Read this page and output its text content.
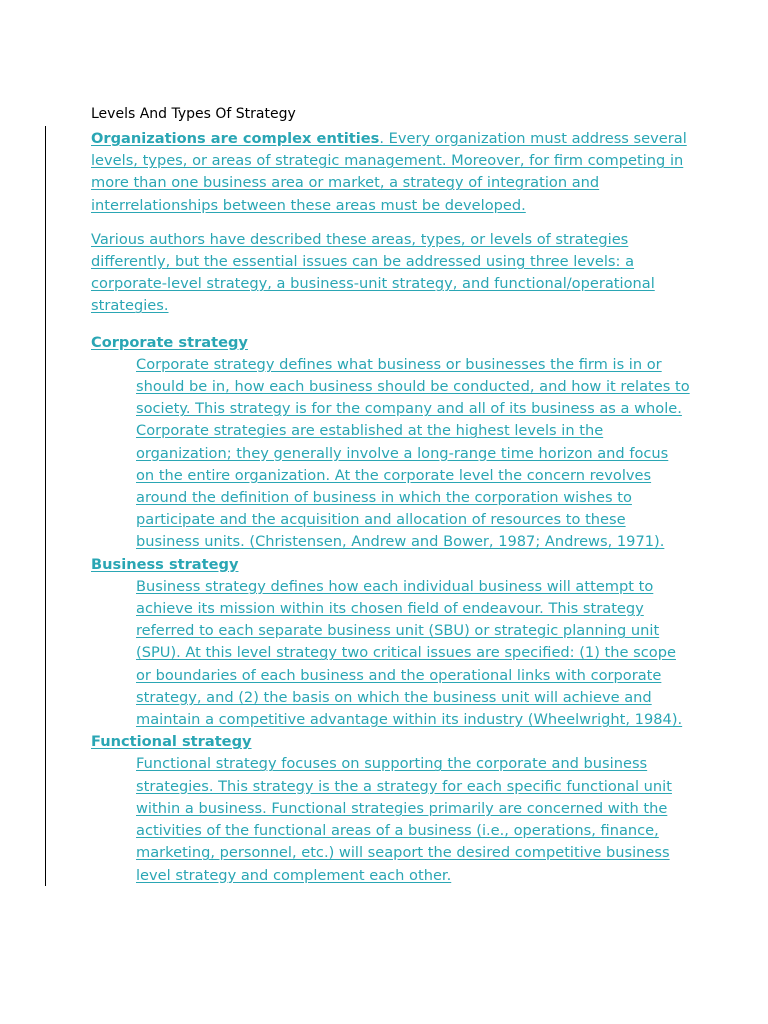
Levels And Types Of Strategy

Organizations are complex entities. Every organization must address several levels, types, or areas of strategic management. Moreover, for firm competing in more than one business area or market, a strategy of integration and interrelationships between these areas must be developed.

Various authors have described these areas, types, or levels of strategies differently, but the essential issues can be addressed using three levels: a corporate-level strategy, a business-unit strategy, and functional/operational strategies.

Corporate strategy

Corporate strategy defines what business or businesses the firm is in or should be in, how each business should be conducted, and how it relates to society. This strategy is for the company and all of its business as a whole. Corporate strategies are established at the highest levels in the organization; they generally involve a long-range time horizon and focus on the entire organization. At the corporate level the concern revolves around the definition of business in which the corporation wishes to participate and the acquisition and allocation of resources to these business units. (Christensen, Andrew and Bower, 1987; Andrews, 1971).

Business strategy

Business strategy defines how each individual business will attempt to achieve its mission within its chosen field of endeavour. This strategy referred to each separate business unit (SBU) or strategic planning unit (SPU). At this level strategy two critical issues are specified: (1) the scope or boundaries of each business and the operational links with corporate strategy, and (2) the basis on which the business unit will achieve and maintain a competitive advantage within its industry (Wheelwright, 1984).

Functional strategy

Functional strategy focuses on supporting the corporate and business strategies. This strategy is the a strategy for each specific functional unit within a business. Functional strategies primarily are concerned with the activities of the functional areas of a business (i.e., operations, finance, marketing, personnel, etc.) will seaport the desired competitive business level strategy and complement each other.
